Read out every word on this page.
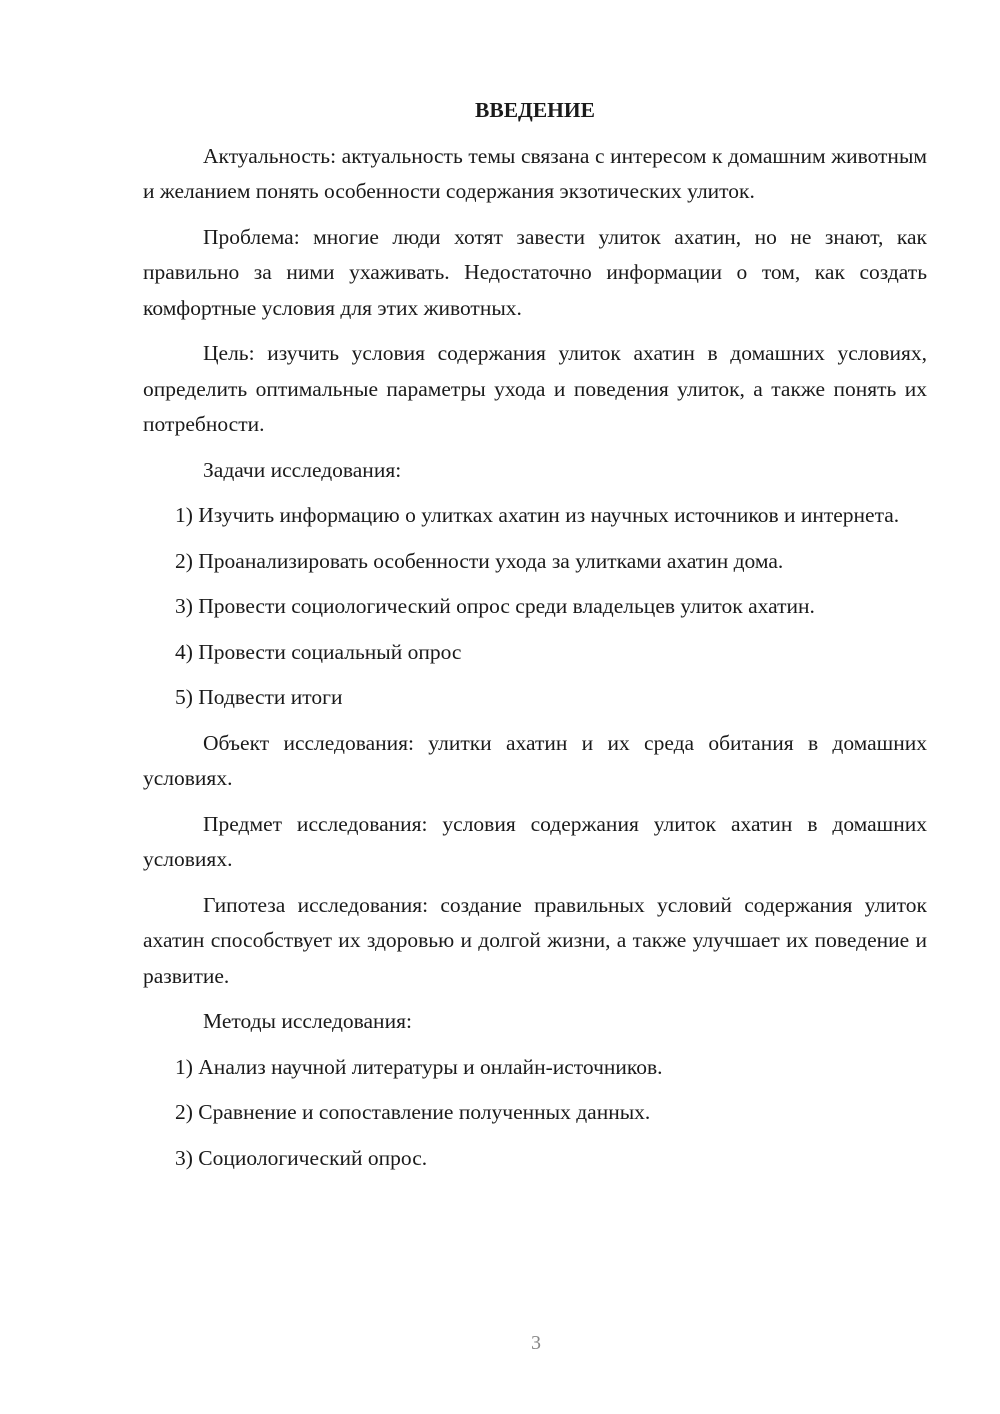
ВВЕДЕНИЕ

Актуальность: актуальность темы связана с интересом к домашним животным и желанием понять особенности содержания экзотических улиток.

Проблема: многие люди хотят завести улиток ахатин, но не знают, как правильно за ними ухаживать. Недостаточно информации о том, как создать комфортные условия для этих животных.

Цель: изучить условия содержания улиток ахатин в домашних условиях, определить оптимальные параметры ухода и поведения улиток, а также понять их потребности.

Задачи исследования:

1) Изучить информацию о улитках ахатин из научных источников и интернета.

2) Проанализировать особенности ухода за улитками ахатин дома.

3) Провести социологический опрос среди владельцев улиток ахатин.

4) Провести социальный опрос

5) Подвести итоги

Объект исследования: улитки ахатин и их среда обитания в домашних условиях.

Предмет исследования: условия содержания улиток ахатин в домашних условиях.

Гипотеза исследования: создание правильных условий содержания улиток ахатин способствует их здоровью и долгой жизни, а также улучшает их поведение и развитие.

Методы исследования:

1) Анализ научной литературы и онлайн-источников.

2) Сравнение и сопоставление полученных данных.

3) Социологический опрос.

3
